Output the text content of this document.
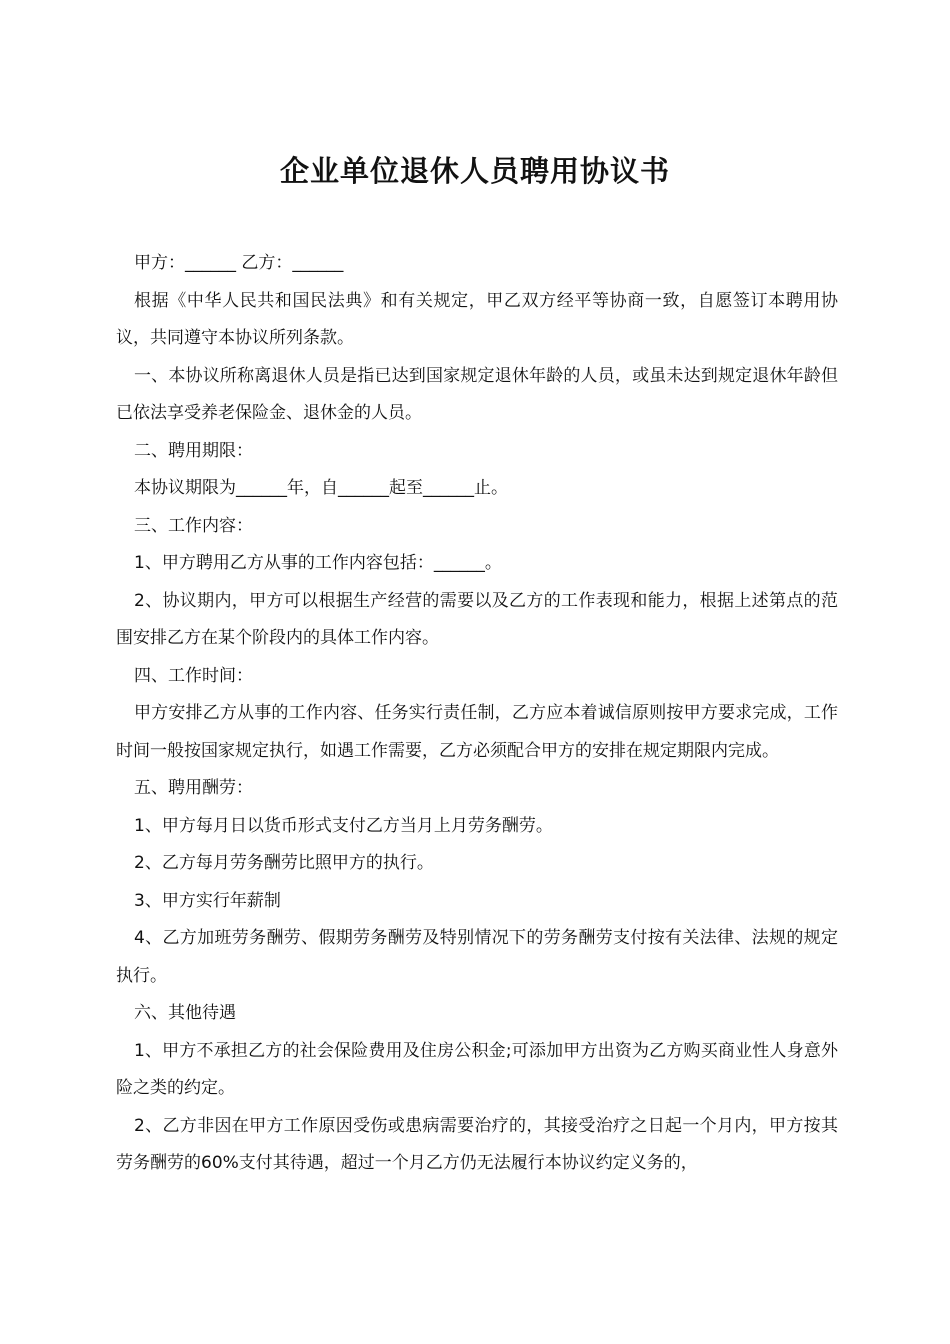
企业单位退休人员聘用协议书

甲方：______ 乙方：______

根据《中华人民共和国民法典》和有关规定，甲乙双方经平等协商一致，自愿签订本聘用协议，共同遵守本协议所列条款。

一、本协议所称离退休人员是指已达到国家规定退休年龄的人员，或虽未达到规定退休年龄但已依法享受养老保险金、退休金的人员。

二、聘用期限：

本协议期限为______年，自______起至______止。

三、工作内容：

1、甲方聘用乙方从事的工作内容包括：______。

2、协议期内，甲方可以根据生产经营的需要以及乙方的工作表现和能力，根据上述第点的范围安排乙方在某个阶段内的具体工作内容。

四、工作时间：

甲方安排乙方从事的工作内容、任务实行责任制，乙方应本着诚信原则按甲方要求完成，工作时间一般按国家规定执行，如遇工作需要，乙方必须配合甲方的安排在规定期限内完成。

五、聘用酬劳：

1、甲方每月日以货币形式支付乙方当月上月劳务酬劳。

2、乙方每月劳务酬劳比照甲方的执行。

3、甲方实行年薪制

4、乙方加班劳务酬劳、假期劳务酬劳及特别情况下的劳务酬劳支付按有关法律、法规的规定执行。

六、其他待遇

1、甲方不承担乙方的社会保险费用及住房公积金;可添加甲方出资为乙方购买商业性人身意外险之类的约定。

2、乙方非因在甲方工作原因受伤或患病需要治疗的，其接受治疗之日起一个月内，甲方按其劳务酬劳的60%支付其待遇，超过一个月乙方仍无法履行本协议约定义务的，
